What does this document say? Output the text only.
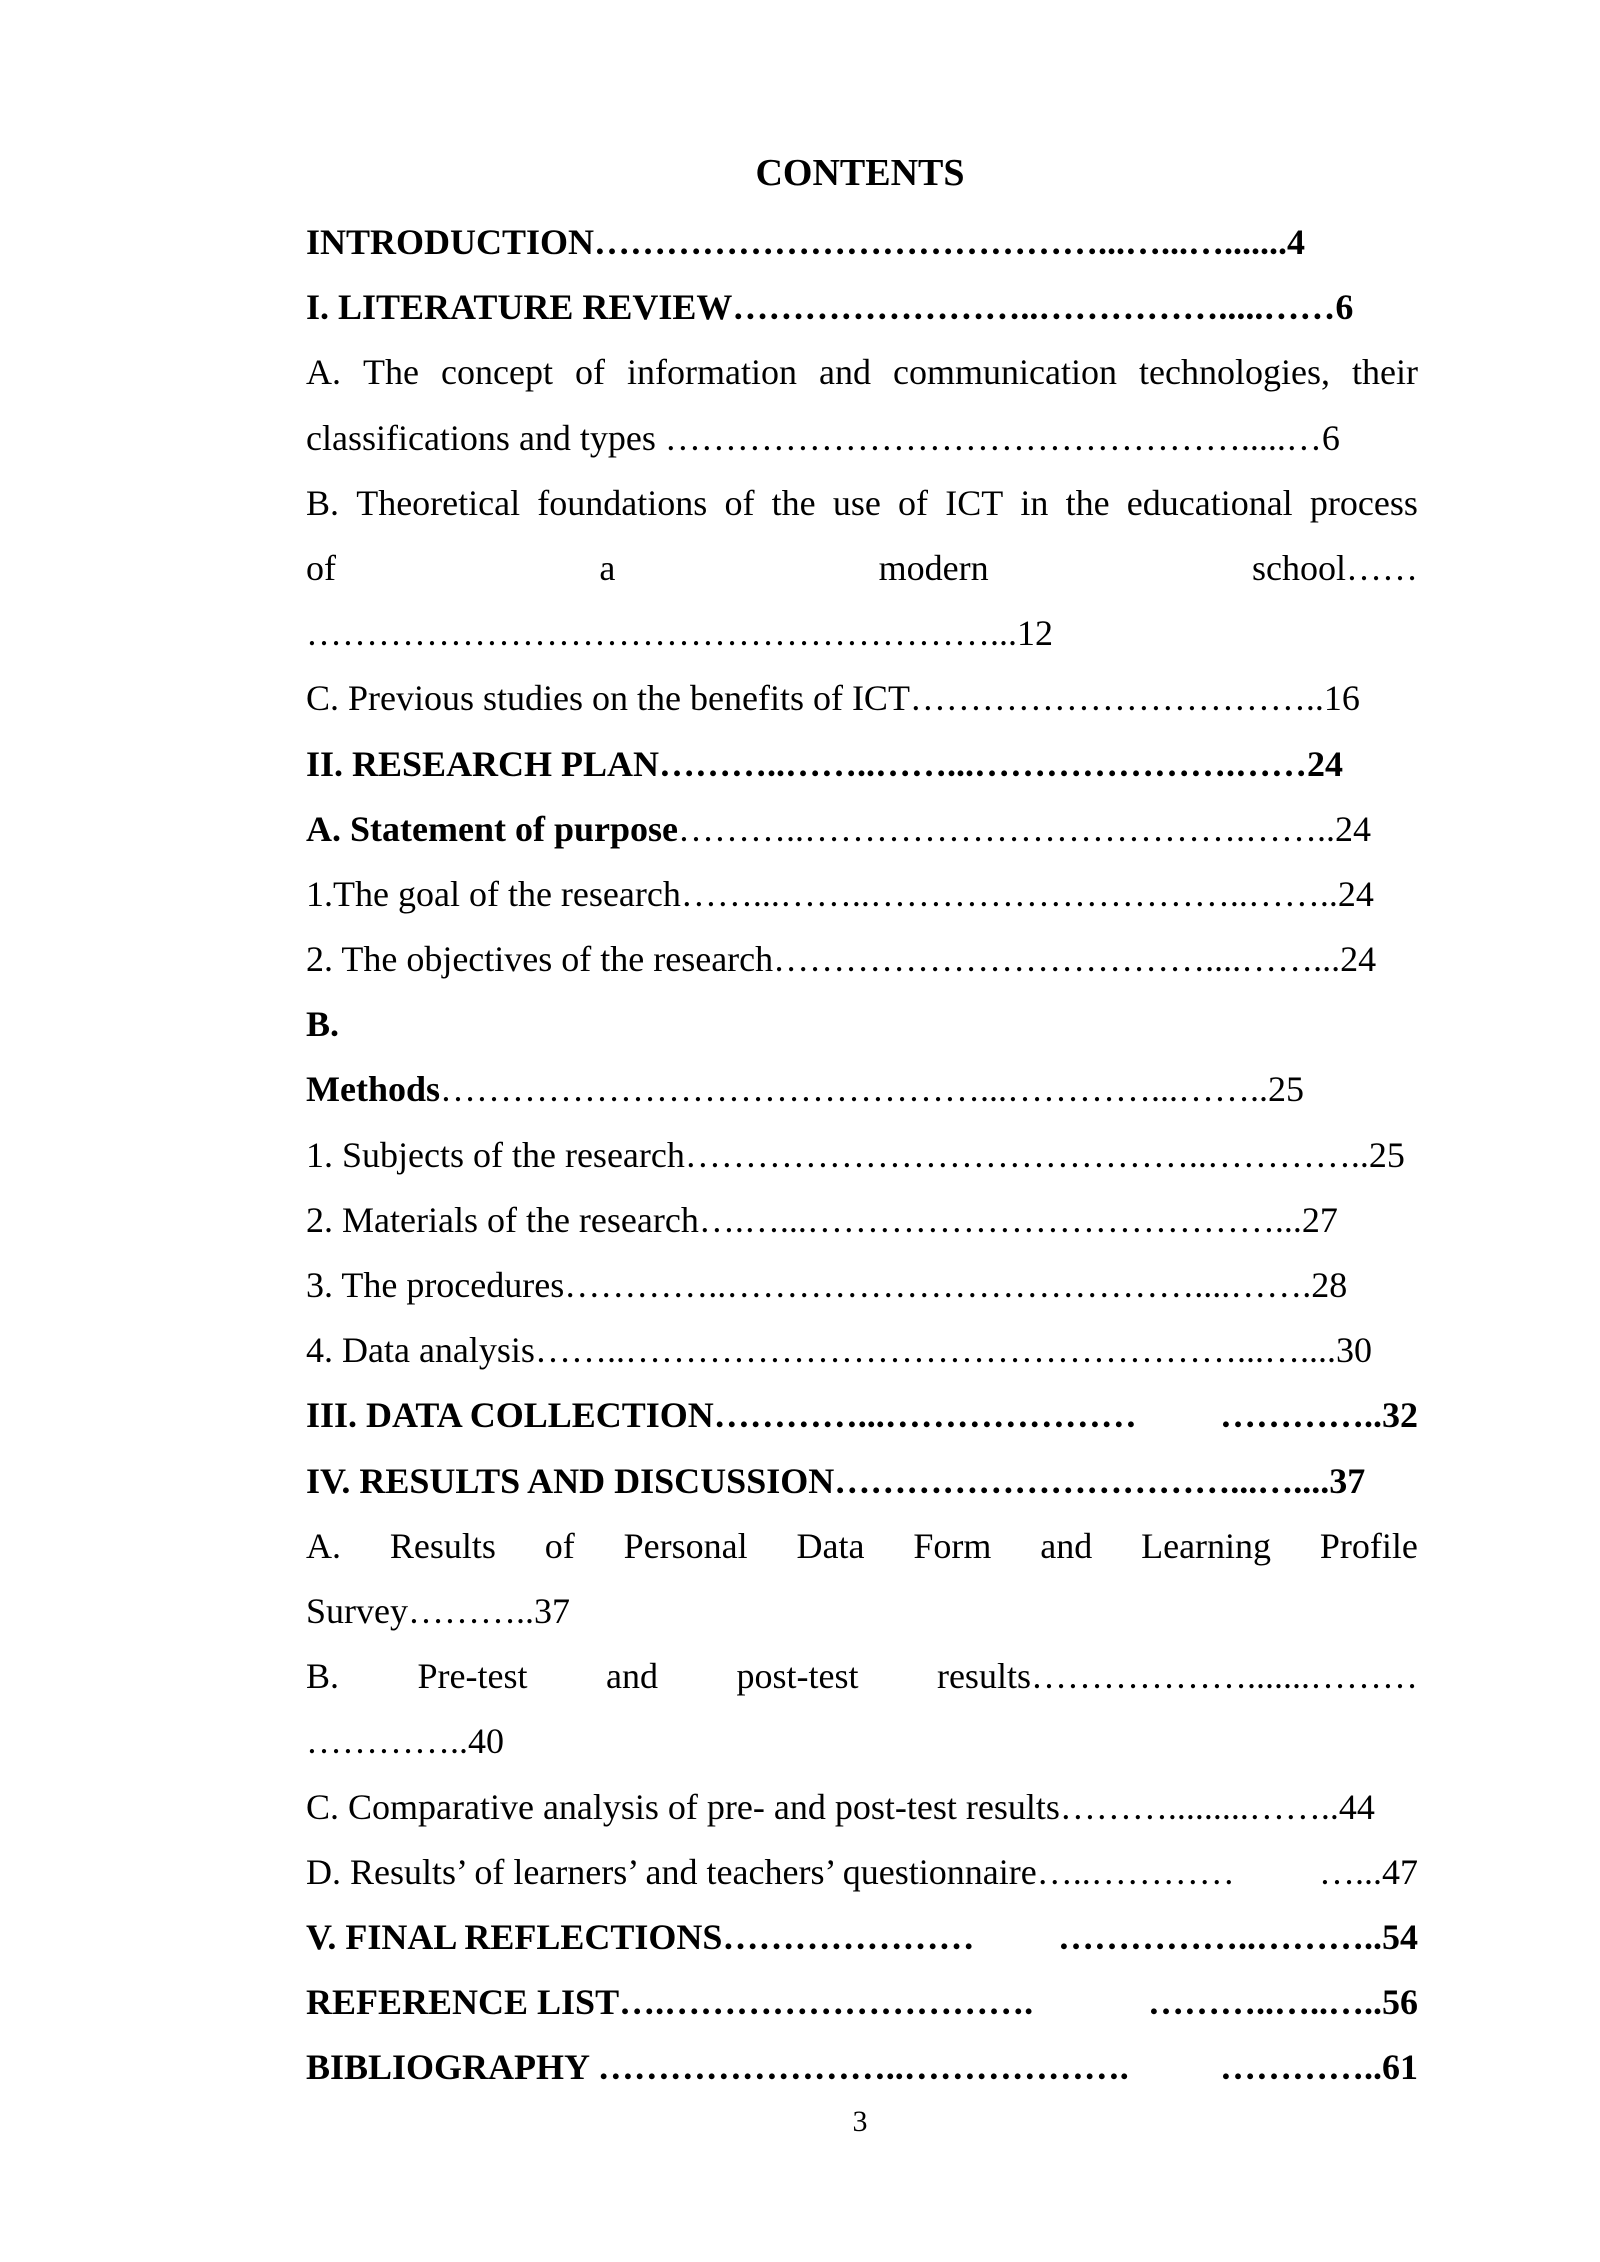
CONTENTS
INTRODUCTION……………………………………...…...….......4
I. LITERATURE REVIEW……………………..…………….....……6
A. The concept of information and communication technologies, their
classifications and types ………………………………………….....…6
B. Theoretical foundations of the use of ICT in the educational process
of	a	modern	school……
…………………………………………………...12
C. Previous studies on the benefits of ICT……………………………..16
II. RESEARCH PLAN………..……..……...………………….……24
A. Statement of purpose………..……………………………….……..24
1.The goal of the research……...……..…………………………..……..24
2. The objectives of the research………………………………....……...24
B.
Methods………………………………………...…………...……..25
1. Subjects of the research……………………………………..…………..25
2. Materials of the research….…...…………………………………...27
3. The procedures…………..…………………………………....…….28
4. Data analysis……..……………………………………………...…....30
III. DATA COLLECTION…………...………………… …………..32
IV. RESULTS AND DISCUSSION……………………………...…....37
A. Results of Personal Data Form and Learning Profile
Survey………..37
B. Pre-test and post-test results……………….......………
…………..40
C. Comparative analysis of pre- and post-test results……….........……..44
D. Results’ of learners’ and teachers’ questionnaire…..………… …...47
V. FINAL REFLECTIONS………………… ……………..………..54
REFERENCE LIST….………………………….	………..…..…..56
BIBLIOGRAPHY ……………………..……………….	…………..61
3
